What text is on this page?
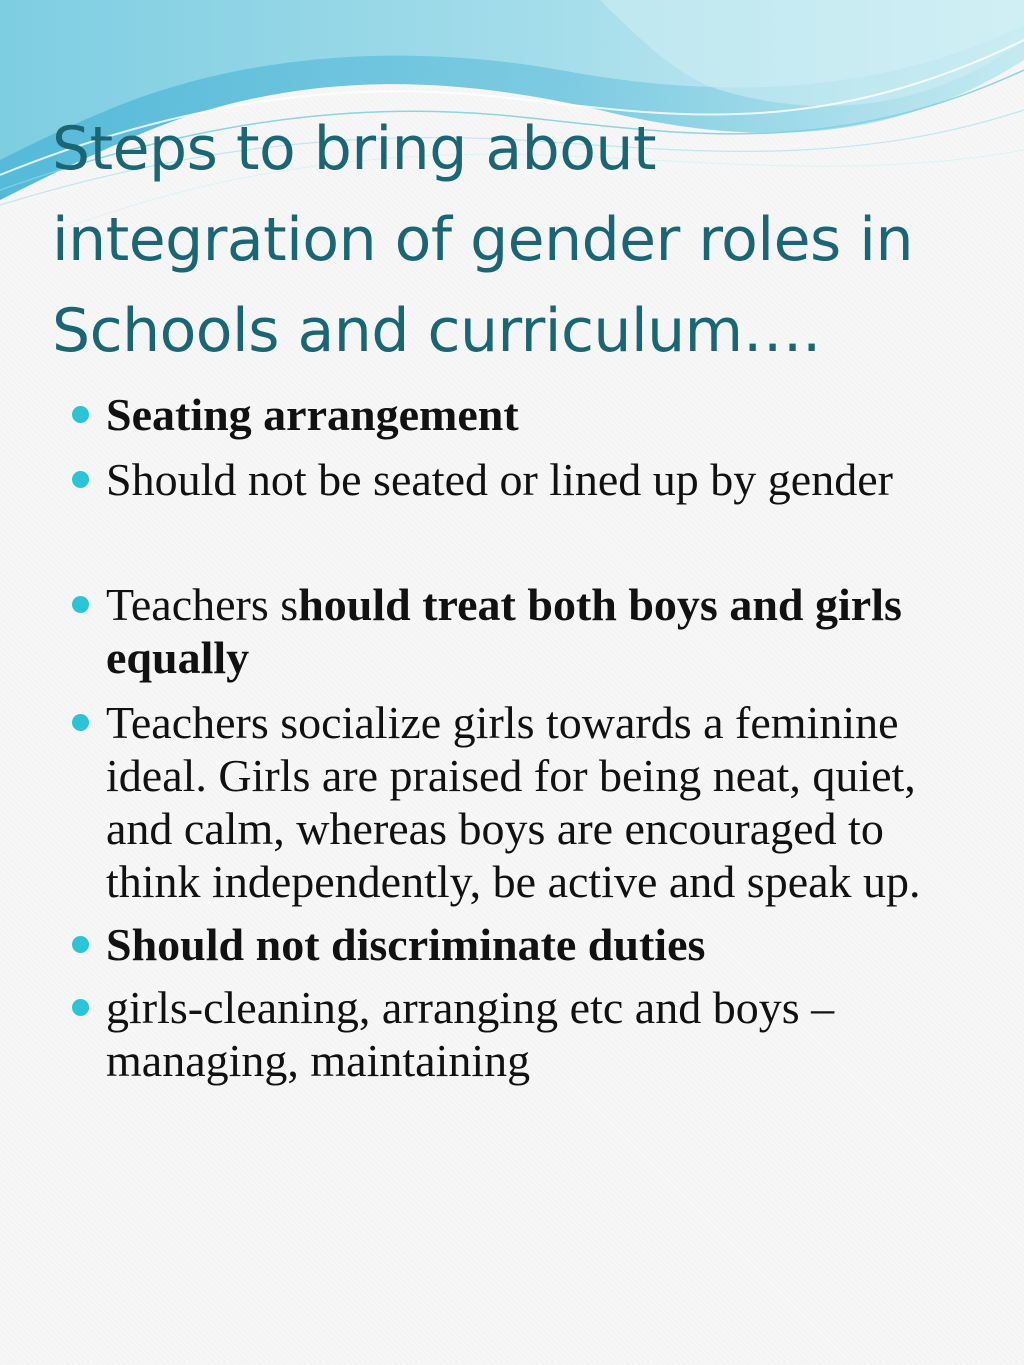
Steps to bring about integration of gender roles in Schools and curriculum….
Seating arrangement
Should not be seated or lined up by gender
Teachers should treat both boys and girls equally
Teachers socialize girls towards a feminine ideal. Girls are praised for being neat, quiet, and calm, whereas boys are encouraged to think independently, be active and speak up.
Should not discriminate duties
girls-cleaning, arranging etc and boys – managing, maintaining
